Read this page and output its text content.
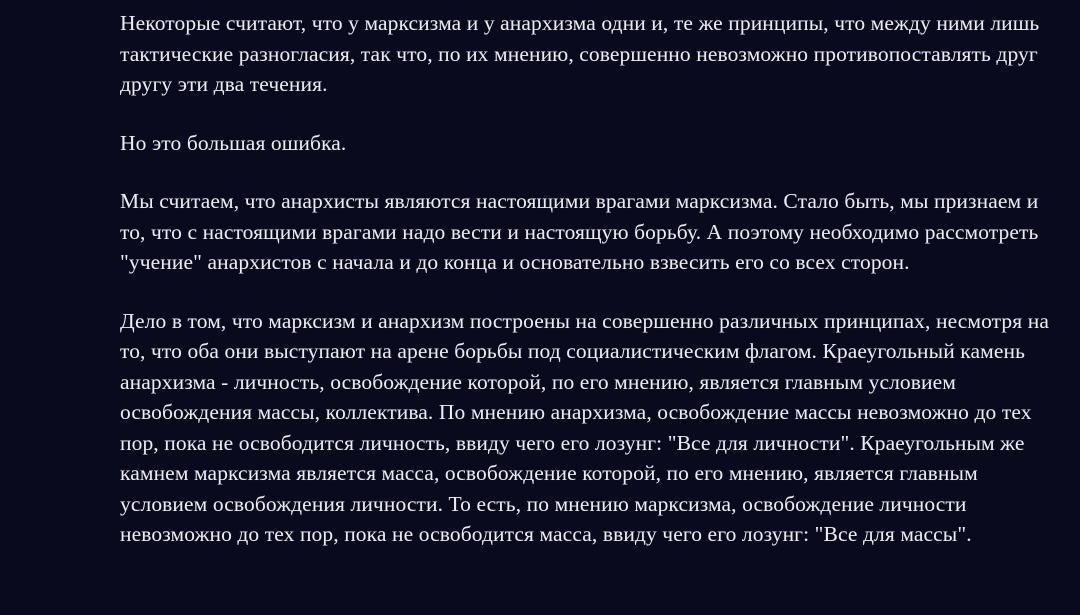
Некоторые считают, что у марксизма и у анархизма одни и, те же принципы, что между ними лишь тактические разногласия, так что, по их мнению, совершенно невозможно противопоставлять друг другу эти два течения.

Но это большая ошибка.

Мы считаем, что анархисты являются настоящими врагами марксизма. Стало быть, мы признаем и то, что с настоящими врагами надо вести и настоящую борьбу. А поэтому необходимо рассмотреть "учение" анархистов с начала и до конца и основательно взвесить его со всех сторон.

Дело в том, что марксизм и анархизм построены на совершенно различных принципах, несмотря на то, что оба они выступают на арене борьбы под социалистическим флагом. Краеугольный камень анархизма - личность, освобождение которой, по его мнению, является главным условием освобождения массы, коллектива. По мнению анархизма, освобождение массы невозможно до тех пор, пока не освободится личность, ввиду чего его лозунг: "Все для личности". Краеугольным же камнем марксизма является масса, освобождение которой, по его мнению, является главным условием освобождения личности. То есть, по мнению марксизма, освобождение личности невозможно до тех пор, пока не освободится масса, ввиду чего его лозунг: "Все для массы".
